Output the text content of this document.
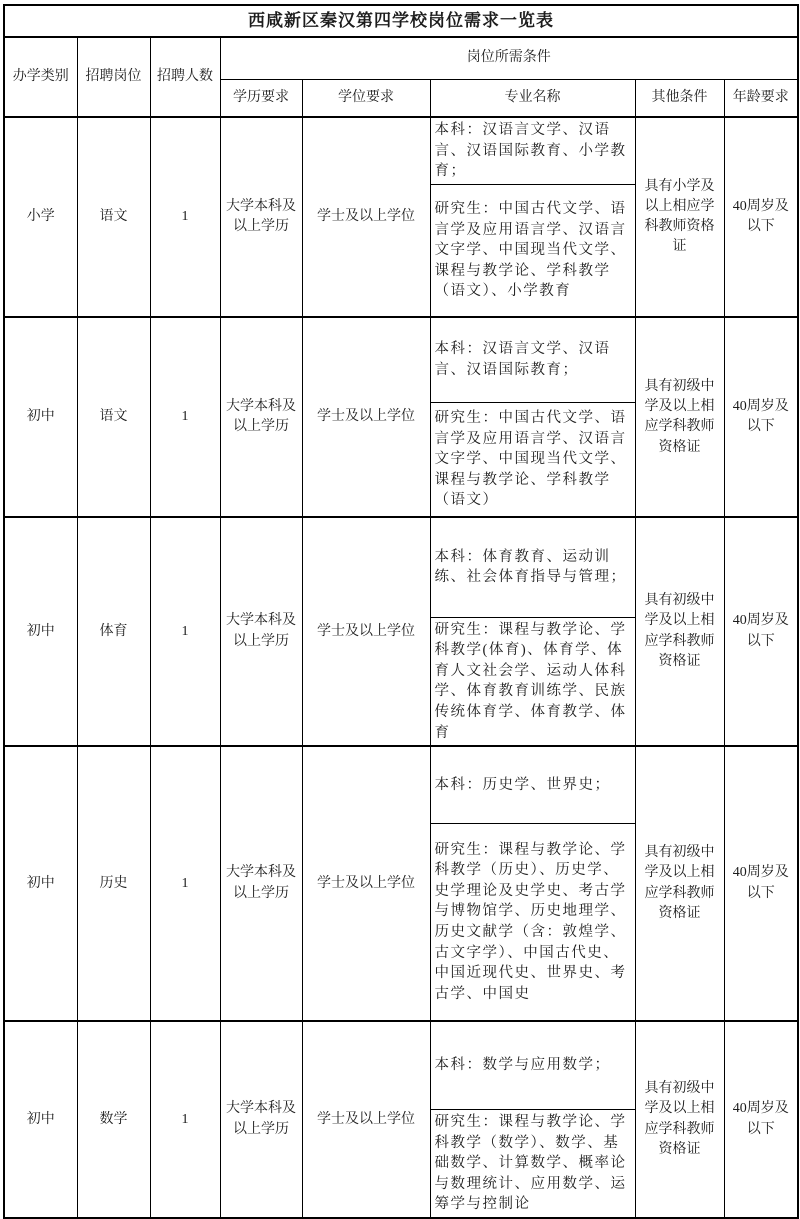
西咸新区秦汉第四学校岗位需求一览表							
办学类别	招聘岗位	招聘人数	岗位所需条件				
			学历要求	学位要求	专业名称	其他条件	年龄要求
小学	语文	1	大学本科及以上学历	学士及以上学位	本科：汉语言文学、汉语言、汉语国际教育、小学教育；	具有小学及以上相应学科教师资格证	40周岁及以下
					研究生：中国古代文学、语言学及应用语言学、汉语言文字学、中国现当代文学、课程与教学论、学科教学（语文）、小学教育		
初中	语文	1	大学本科及以上学历	学士及以上学位	本科：汉语言文学、汉语言、汉语国际教育；	具有初级中学及以上相应学科教师资格证	40周岁及以下
					研究生：中国古代文学、语言学及应用语言学、汉语言文字学、中国现当代文学、课程与教学论、学科教学（语文）		
初中	体育	1	大学本科及以上学历	学士及以上学位	本科：体育教育、运动训练、社会体育指导与管理；	具有初级中学及以上相应学科教师资格证	40周岁及以下
					研究生：课程与教学论、学科教学(体育)、体育学、体育人文社会学、运动人体科学、体育教育训练学、民族传统体育学、体育教学、体育		
初中	历史	1	大学本科及以上学历	学士及以上学位	本科：历史学、世界史；	具有初级中学及以上相应学科教师资格证	40周岁及以下
					研究生：课程与教学论、学科教学（历史）、历史学、史学理论及史学史、考古学与博物馆学、历史地理学、历史文献学（含：敦煌学、古文字学）、中国古代史、中国近现代史、世界史、考古学、中国史		
初中	数学	1	大学本科及以上学历	学士及以上学位	本科：数学与应用数学；	具有初级中学及以上相应学科教师资格证	40周岁及以下
					研究生：课程与教学论、学科教学（数学）、数学、基础数学、计算数学、概率论与数理统计、应用数学、运筹学与控制论		
